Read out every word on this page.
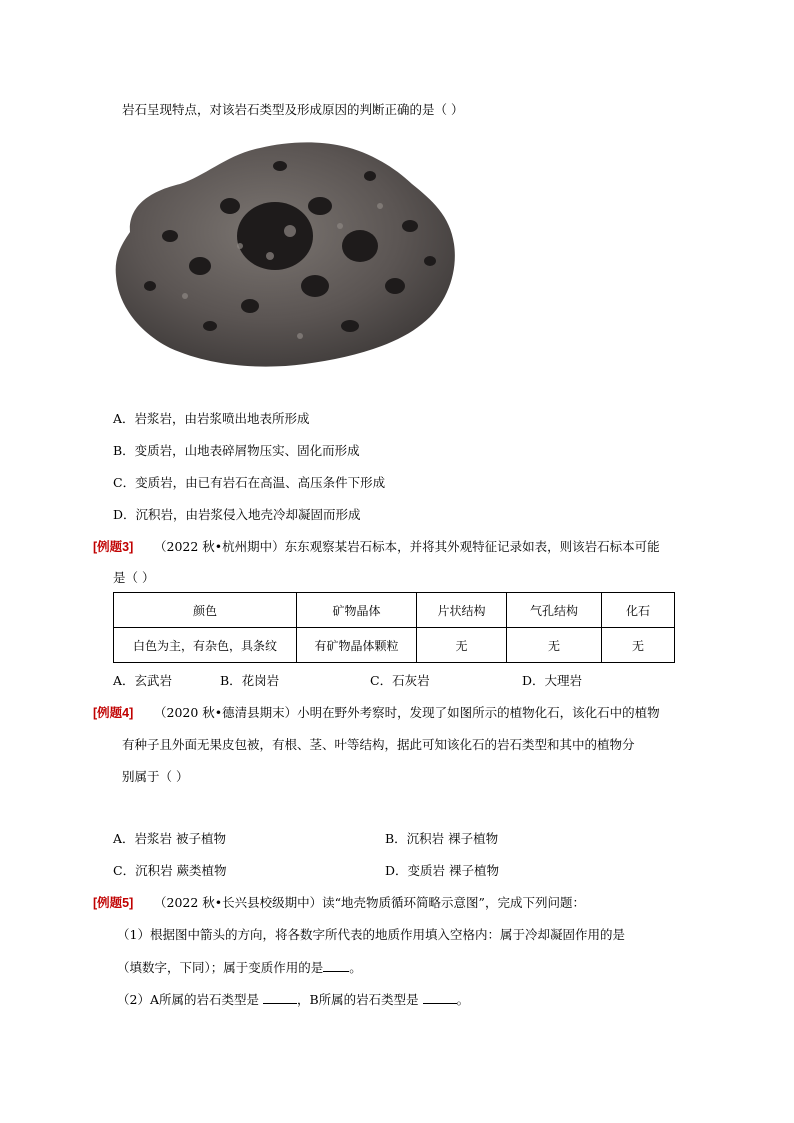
岩石呈现特点，对该岩石类型及形成原因的判断正确的是（ ）
A．岩浆岩，由岩浆喷出地表所形成
B．变质岩，山地表碎屑物压实、固化而形成
C．变质岩，由已有岩石在高温、高压条件下形成
D．沉积岩，由岩浆侵入地壳冷却凝固而形成
[例题3] （2022 秋•杭州期中）东东观察某岩石标本，并将其外观特征记录如表，则该岩石标本可能
是（ ）
颜色	矿物晶体	片状结构	气孔结构	化石
白色为主，有杂色，具条纹	有矿物晶体颗粒	无	无	无
A．玄武岩	B．花岗岩	C．石灰岩	D．大理岩
[例题4] （2020 秋•德清县期末）小明在野外考察时，发现了如图所示的植物化石，该化石中的植物
有种子且外面无果皮包被，有根、茎、叶等结构，据此可知该化石的岩石类型和其中的植物分
别属于（ ）
A．岩浆岩 被子植物	B．沉积岩 裸子植物
C．沉积岩 蕨类植物	D．变质岩 裸子植物
[例题5] （2022 秋•长兴县校级期中）读“地壳物质循环简略示意图”，完成下列问题：
（1）根据图中箭头的方向，将各数字所代表的地质作用填入空格内：属于冷却凝固作用的是
（填数字，下同）；属于变质作用的是 。
（2）A所属的岩石类型是	，B所属的岩石类型是	。
